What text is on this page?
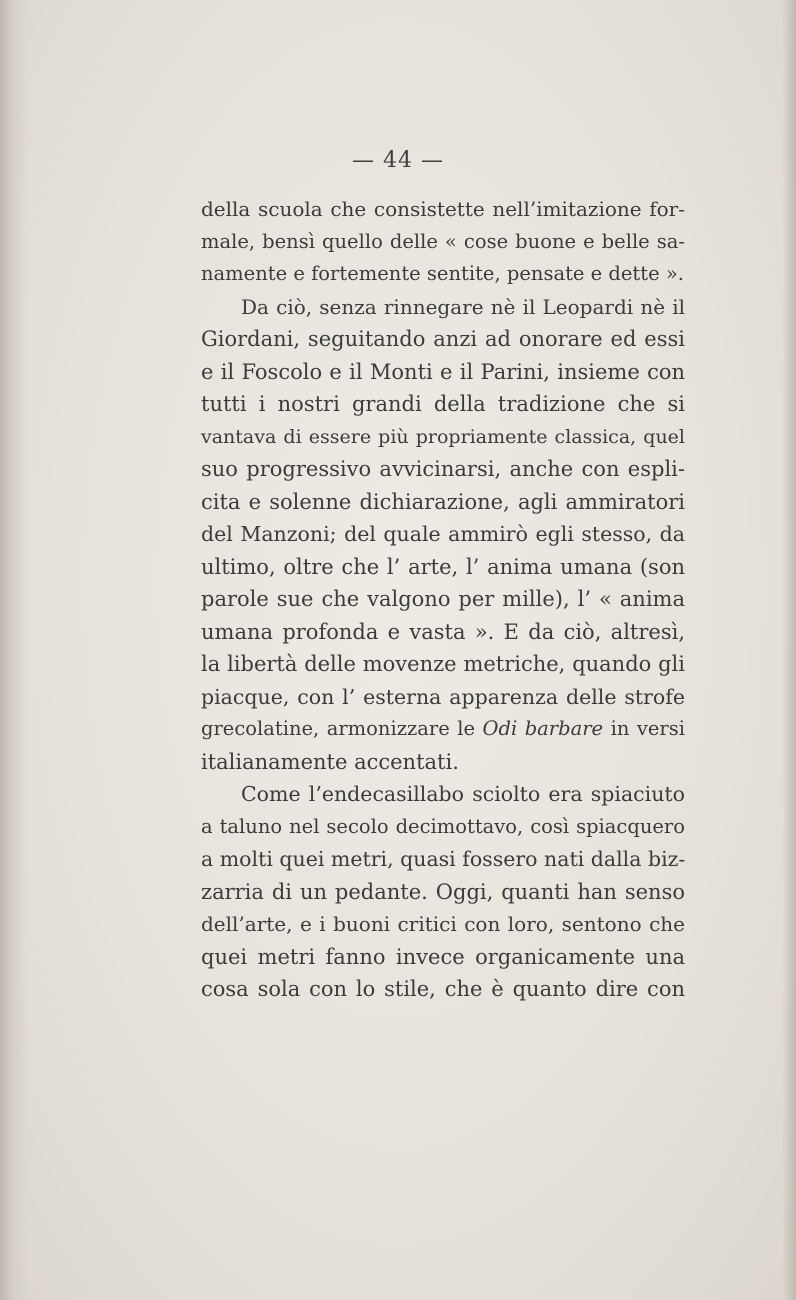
— 44 —
della scuola che consistette nell’imitazione for-
male, bensì quello delle « cose buone e belle sa-
namente e fortemente sentite, pensate e dette ».
Da ciò, senza rinnegare nè il Leopardi nè il
Giordani, seguitando anzi ad onorare ed essi
e il Foscolo e il Monti e il Parini, insieme con
tutti i nostri grandi della tradizione che si
vantava di essere più propriamente classica, quel
suo progressivo avvicinarsi, anche con espli-
cita e solenne dichiarazione, agli ammiratori
del Manzoni; del quale ammirò egli stesso, da
ultimo, oltre che l’ arte, l’ anima umana (son
parole sue che valgono per mille), l’ « anima
umana profonda e vasta ». E da ciò, altresì,
la libertà delle movenze metriche, quando gli
piacque, con l’ esterna apparenza delle strofe
grecolatine, armonizzare le Odi barbare in versi
italianamente accentati.
Come l’endecasillabo sciolto era spiaciuto
a taluno nel secolo decimottavo, così spiacquero
a molti quei metri, quasi fossero nati dalla biz-
zarria di un pedante. Oggi, quanti han senso
dell’arte, e i buoni critici con loro, sentono che
quei metri fanno invece organicamente una
cosa sola con lo stile, che è quanto dire con
